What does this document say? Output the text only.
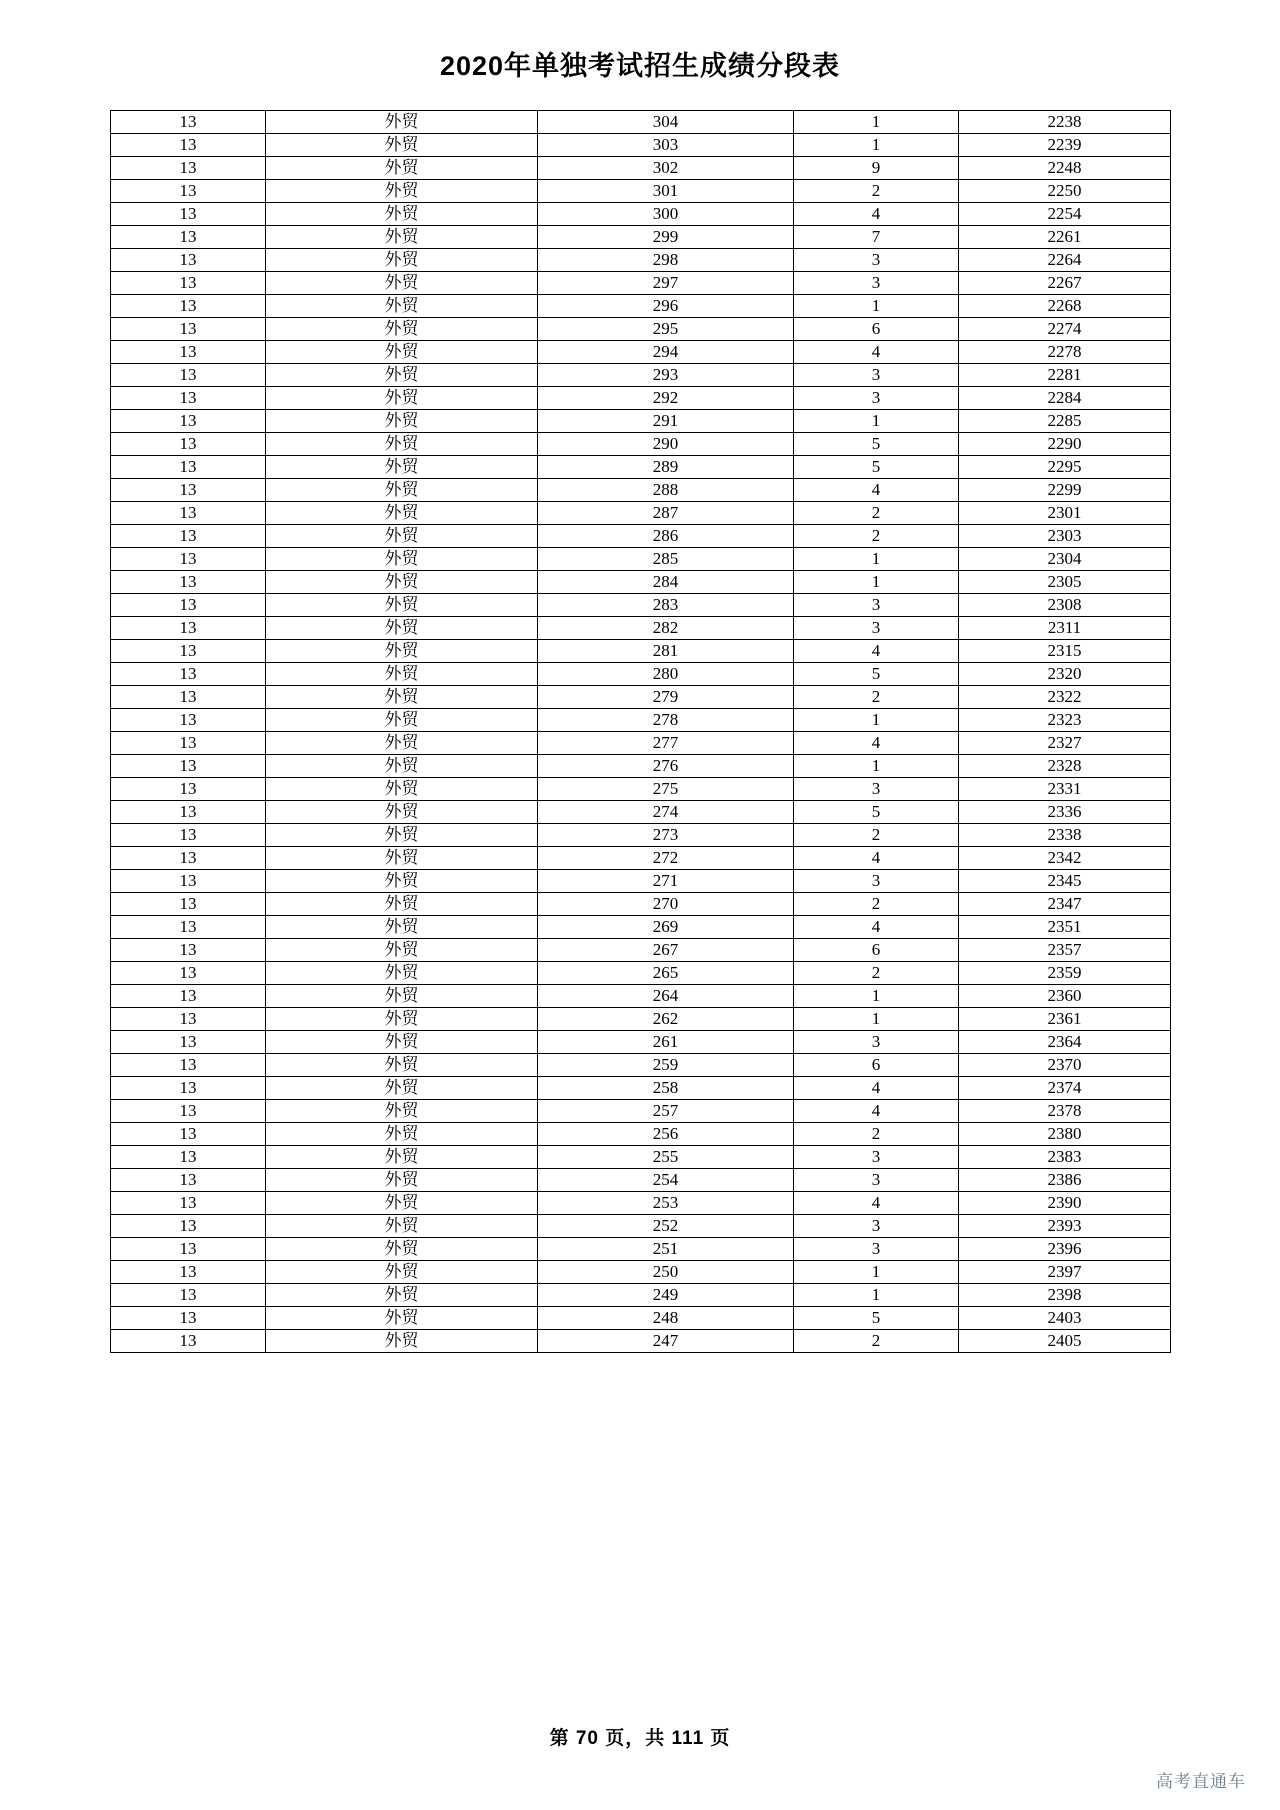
2020年单独考试招生成绩分段表
13	外贸	304	1	2238
13	外贸	303	1	2239
13	外贸	302	9	2248
13	外贸	301	2	2250
13	外贸	300	4	2254
13	外贸	299	7	2261
13	外贸	298	3	2264
13	外贸	297	3	2267
13	外贸	296	1	2268
13	外贸	295	6	2274
13	外贸	294	4	2278
13	外贸	293	3	2281
13	外贸	292	3	2284
13	外贸	291	1	2285
13	外贸	290	5	2290
13	外贸	289	5	2295
13	外贸	288	4	2299
13	外贸	287	2	2301
13	外贸	286	2	2303
13	外贸	285	1	2304
13	外贸	284	1	2305
13	外贸	283	3	2308
13	外贸	282	3	2311
13	外贸	281	4	2315
13	外贸	280	5	2320
13	外贸	279	2	2322
13	外贸	278	1	2323
13	外贸	277	4	2327
13	外贸	276	1	2328
13	外贸	275	3	2331
13	外贸	274	5	2336
13	外贸	273	2	2338
13	外贸	272	4	2342
13	外贸	271	3	2345
13	外贸	270	2	2347
13	外贸	269	4	2351
13	外贸	267	6	2357
13	外贸	265	2	2359
13	外贸	264	1	2360
13	外贸	262	1	2361
13	外贸	261	3	2364
13	外贸	259	6	2370
13	外贸	258	4	2374
13	外贸	257	4	2378
13	外贸	256	2	2380
13	外贸	255	3	2383
13	外贸	254	3	2386
13	外贸	253	4	2390
13	外贸	252	3	2393
13	外贸	251	3	2396
13	外贸	250	1	2397
13	外贸	249	1	2398
13	外贸	248	5	2403
13	外贸	247	2	2405
第 70 页，共 111 页
高考直通车
